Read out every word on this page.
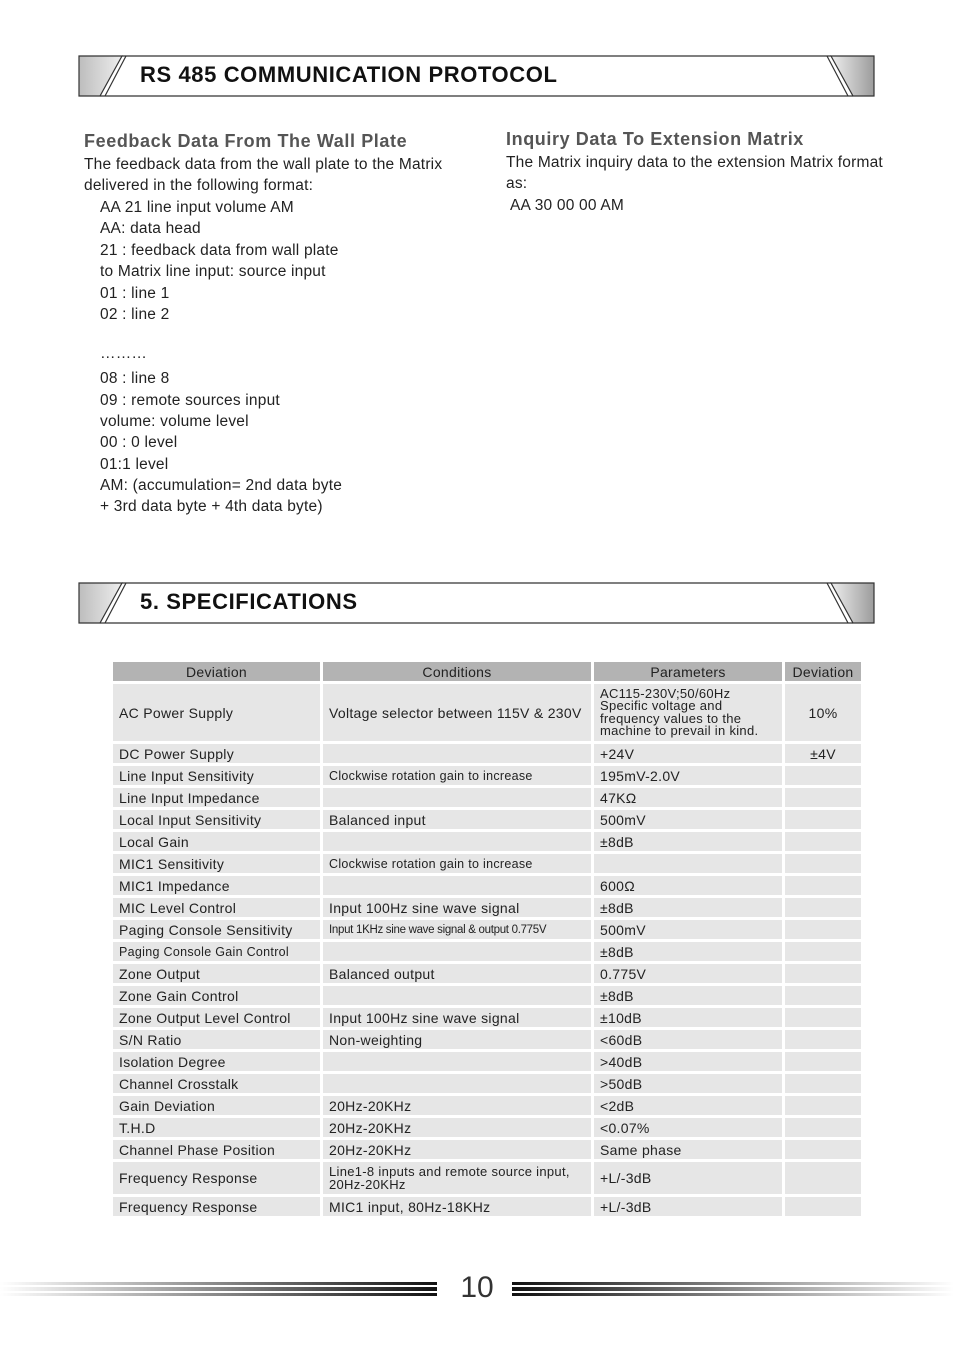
RS 485 COMMUNICATION PROTOCOL
Feedback Data From The Wall Plate
The feedback data from the wall plate to the Matrix delivered in the following format:
AA 21 line input volume AM
AA: data head
21 : feedback data from wall plate
to Matrix line input: source input
01 : line 1
02 : line 2
………
08 : line 8
09 : remote sources input
volume: volume level
00 : 0 level
01:1 level
AM: (accumulation= 2nd data byte
+ 3rd data byte + 4th data byte)
Inquiry Data To Extension Matrix
The Matrix inquiry data to the extension Matrix format as:
AA 30 00 00 AM
5. SPECIFICATIONS
Deviation	Conditions	Parameters	Deviation
AC Power Supply	Voltage selector between 115V & 230V	AC115-230V;50/60Hz
Specific voltage and
frequency values to the
machine to prevail in kind.	10%
DC Power Supply		+24V	±4V
Line Input Sensitivity	Clockwise rotation gain to increase	195mV-2.0V	
Line Input Impedance		47KΩ	
Local Input Sensitivity	Balanced input	500mV	
Local Gain		±8dB	
MIC1 Sensitivity	Clockwise rotation gain to increase		
MIC1 Impedance		600Ω	
MIC Level Control	Input 100Hz sine wave signal	±8dB	
Paging Console Sensitivity	Input 1KHz sine wave signal & output 0.775V	500mV	
Paging Console Gain Control		±8dB	
Zone Output	Balanced output	0.775V	
Zone Gain Control		±8dB	
Zone Output Level Control	Input 100Hz sine wave signal	±10dB	
S/N Ratio	Non-weighting	<60dB	
Isolation Degree		>40dB	
Channel Crosstalk		>50dB	
Gain Deviation	20Hz-20KHz	<2dB	
T.H.D	20Hz-20KHz	<0.07%	
Channel Phase Position	20Hz-20KHz	Same phase	
Frequency Response	Line1-8 inputs and remote source input,
20Hz-20KHz	+L/-3dB	
Frequency Response	MIC1 input, 80Hz-18KHz	+L/-3dB	
10
